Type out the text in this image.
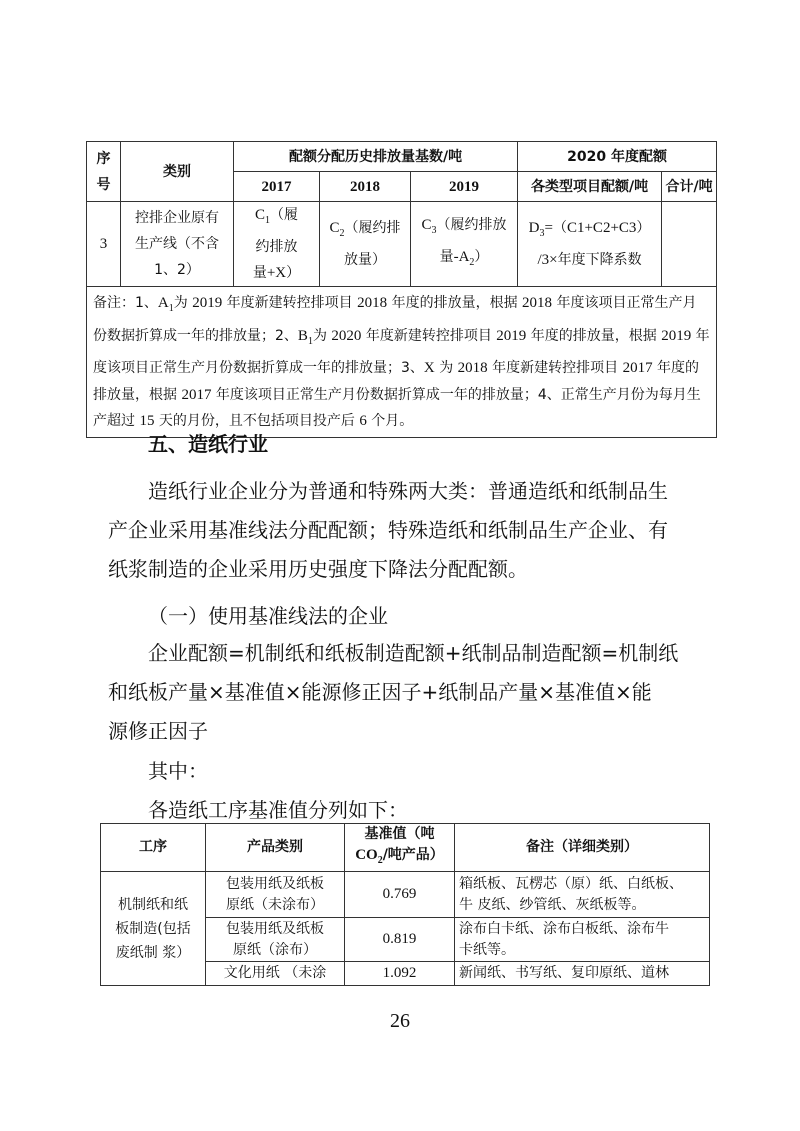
序
号	类别	配额分配历史排放量基数/吨			2020 年度配额	
		2017	2018	2019	各类型项目配额/吨	合计/吨
3	控排企业原有
生产线（不含
1、2）	$C_1$（履
约排放
量+X）	$C_2$（履约排
放量）	$C_3$（履约排放
量$-A_2$）	$D_3=(C1+C2+C3)$
/3×年度下降系数	
备注：1、$A_1$为 2019 年度新建转控排项目 2018 年度的排放量，根据 2018 年度该项目正常生产月份数据折算成一年的排放量；2、$B_1$为 2020 年度新建转控排项目 2019 年度的排放量，根据 2019 年度该项目正常生产月份数据折算成一年的排放量；3、X 为 2018 年度新建转控排项目 2017 年度的排放量，根据 2017 年度该项目正常生产月份数据折算成一年的排放量；4、正常生产月份为每月生产超过 15 天的月份，且不包括项目投产后 6 个月。						
五、造纸行业
造纸行业企业分为普通和特殊两大类：普通造纸和纸制品生
产企业采用基准线法分配配额；特殊造纸和纸制品生产企业、有
纸浆制造的企业采用历史强度下降法分配配额。
（一）使用基准线法的企业
企业配额=机制纸和纸板制造配额+纸制品制造配额=机制纸
和纸板产量×基准值×能源修正因子+纸制品产量×基准值×能
源修正因子
其中：
各造纸工序基准值分列如下：
工序	产品类别	基准值（吨
$CO_2/$吨产品）	备注（详细类别）
机制纸和纸
板制造(包括
废纸制 浆）	包装用纸及纸板
原纸（未涂布）	0.769	箱纸板、瓦楞芯（原）纸、白纸板、
牛 皮纸、纱管纸、灰纸板等。
	包装用纸及纸板
原纸（涂布）	0.819	涂布白卡纸、涂布白板纸、涂布牛
卡纸等。
	文化用纸 （未涂	1.092	新闻纸、书写纸、复印原纸、道林
26
